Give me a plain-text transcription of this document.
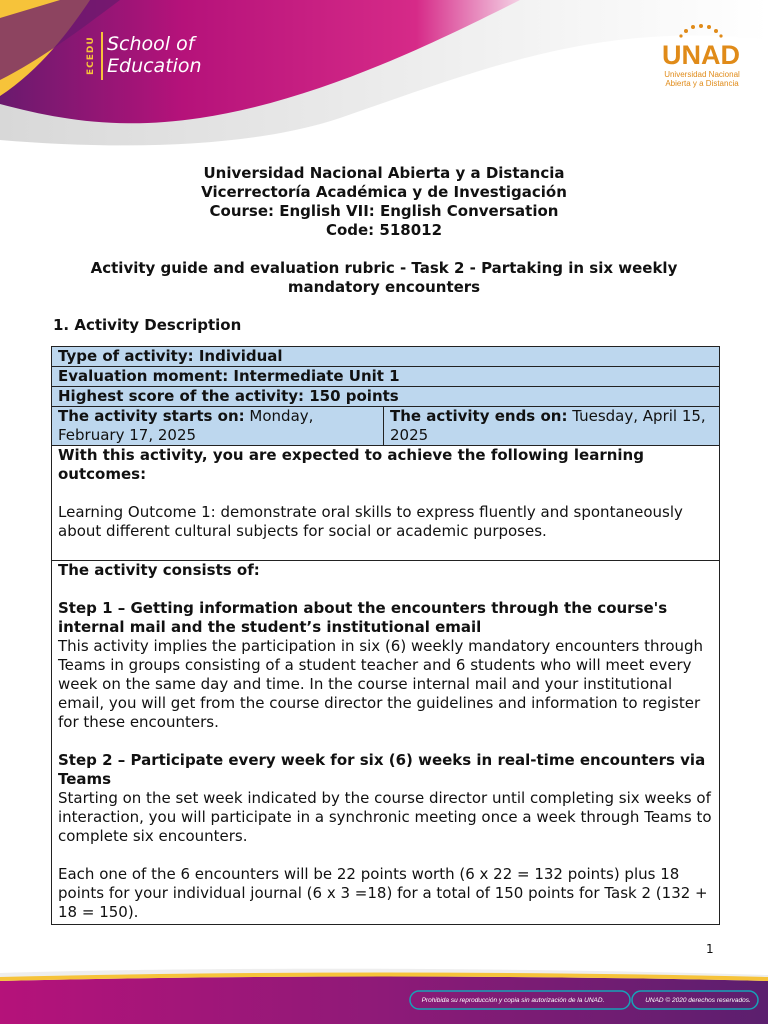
ECEDU School of
Education	UNAD
Universidad Nacional
Abierta y a Distancia
Universidad Nacional Abierta y a Distancia
Vicerrectoría Académica y de Investigación
Course: English VII: English Conversation
Code: 518012
Activity guide and evaluation rubric - Task 2 - Partaking in six weekly mandatory encounters
1. Activity Description
Type of activity: Individual
Evaluation moment: Intermediate Unit 1
Highest score of the activity: 150 points
The activity starts on: Monday, February 17, 2025	The activity ends on: Tuesday, April 15, 2025

With this activity, you are expected to achieve the following learning outcomes:

Learning Outcome 1: demonstrate oral skills to express fluently and spontaneously about different cultural subjects for social or academic purposes.

The activity consists of:

Step 1 – Getting information about the encounters through the course's internal mail and the student’s institutional email

This activity implies the participation in six (6) weekly mandatory encounters through Teams in groups consisting of a student teacher and 6 students who will meet every week on the same day and time. In the course internal mail and your institutional email, you will get from the course director the guidelines and information to register for these encounters.

Step 2 – Participate every week for six (6) weeks in real-time encounters via Teams

Starting on the set week indicated by the course director until completing six weeks of interaction, you will participate in a synchronic meeting once a week through Teams to complete six encounters.

Each one of the 6 encounters will be 22 points worth (6 x 22 = 132 points) plus 18 points for your individual journal (6 x 3 =18) for a total of 150 points for Task 2 (132 + 18 = 150).

1
Prohibida su reproducción y copia sin autorización de la UNAD.	UNAD © 2020 derechos reservados.
